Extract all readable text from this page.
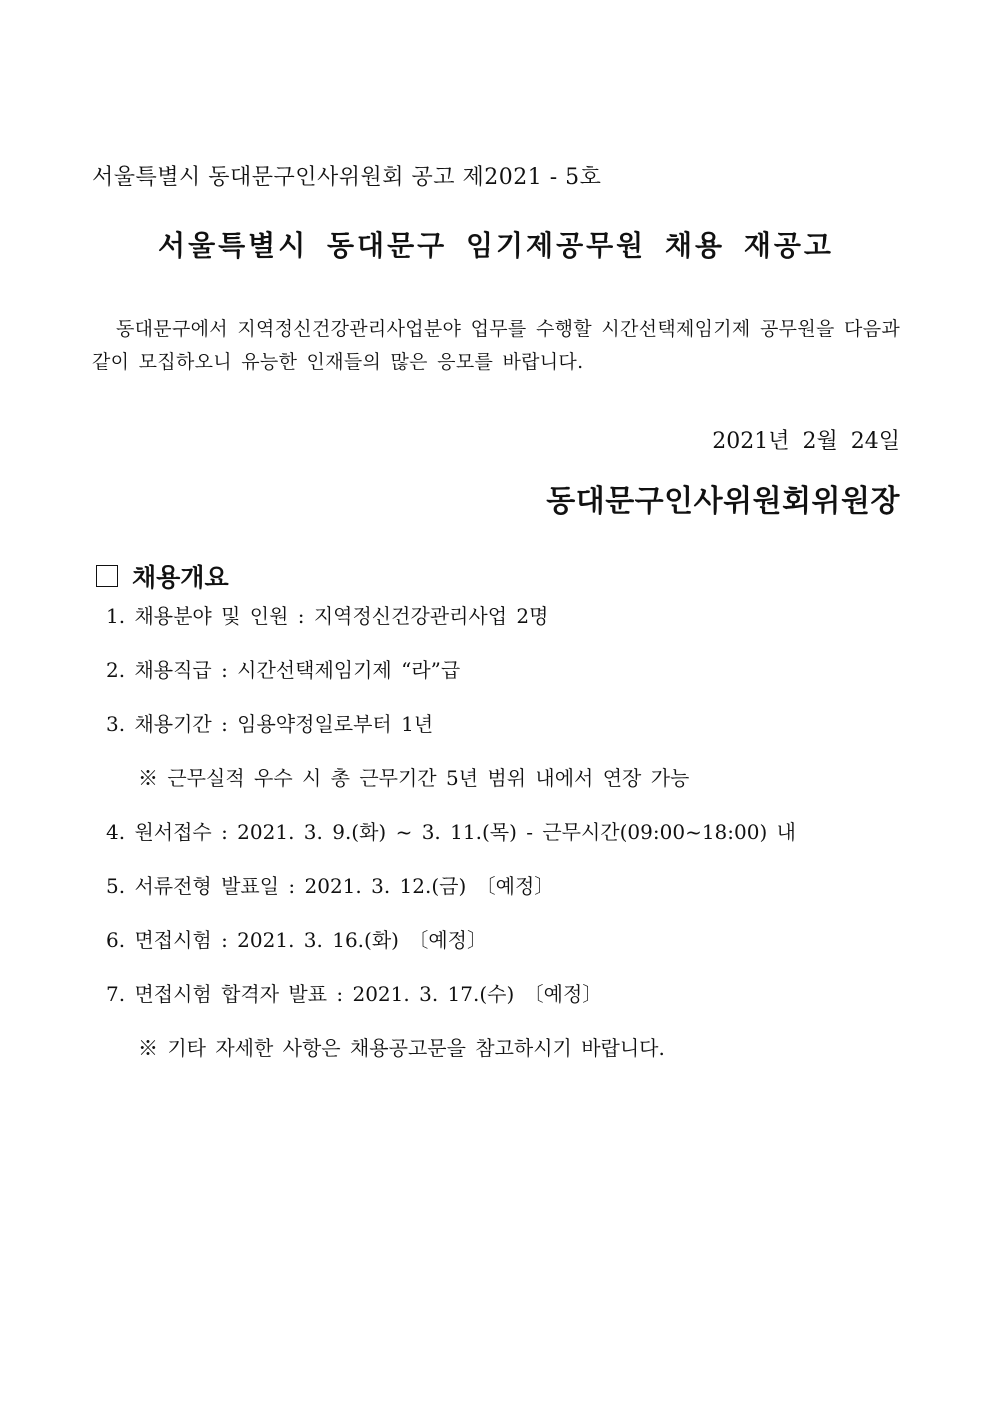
서울특별시 동대문구인사위원회 공고 제2021 - 5호

서울특별시 동대문구 임기제공무원 채용 재공고

동대문구에서 지역정신건강관리사업분야 업무를 수행할 시간선택제임기제 공무원을 다음과 같이 모집하오니 유능한 인재들의 많은 응모를 바랍니다.

2021년 2월 24일

동대문구인사위원회위원장

채용개요

1. 채용분야 및 인원 : 지역정신건강관리사업 2명

2. 채용직급 : 시간선택제임기제 “라”급

3. 채용기간 : 임용약정일로부터 1년

※ 근무실적 우수 시 총 근무기간 5년 범위 내에서 연장 가능

4. 원서접수 : 2021. 3. 9.(화) ~ 3. 11.(목) - 근무시간(09:00~18:00) 내

5. 서류전형 발표일 : 2021. 3. 12.(금) 〔예정〕

6. 면접시험 : 2021. 3. 16.(화) 〔예정〕

7. 면접시험 합격자 발표 : 2021. 3. 17.(수) 〔예정〕

※ 기타 자세한 사항은 채용공고문을 참고하시기 바랍니다.
